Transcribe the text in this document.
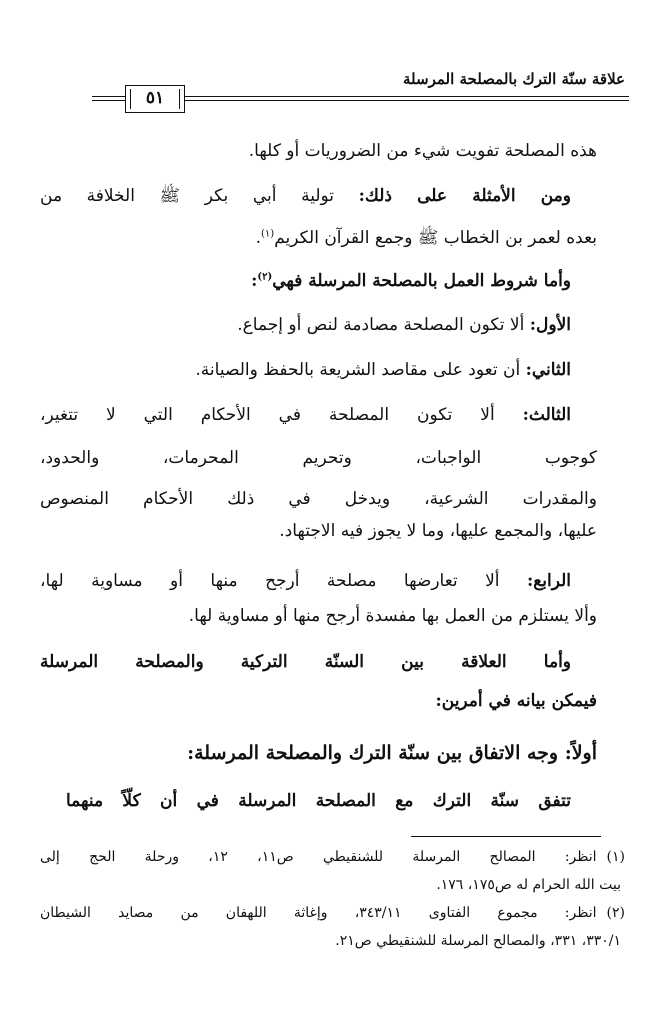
علاقة سنّة الترك بالمصلحة المرسلة
٥١
هذه المصلحة تفويت شيء من الضروريات أو كلها.
ومن الأمثلة على ذلك: تولية أبي بكر ﷺ الخلافة من
بعده لعمر بن الخطاب ﷺ وجمع القرآن الكريم$^{(١)}$.
وأما شروط العمل بالمصلحة المرسلة فهي$^{(٢)}$:
الأول: ألا تكون المصلحة مصادمة لنص أو إجماع.
الثاني: أن تعود على مقاصد الشريعة بالحفظ والصيانة.
الثالث: ألا تكون المصلحة في الأحكام التي لا تتغير،
كوجوب الواجبات، وتحريم المحرمات، والحدود،
والمقدرات الشرعية، ويدخل في ذلك الأحكام المنصوص
عليها، والمجمع عليها، وما لا يجوز فيه الاجتهاد.
الرابع: ألا تعارضها مصلحة أرجح منها أو مساوية لها،
وألا يستلزم من العمل بها مفسدة أرجح منها أو مساوية لها.
وأما العلاقة بين السنّة التركية والمصلحة المرسلة
فيمكن بيانه في أمرين:
أولاً: وجه الاتفاق بين سنّة الترك والمصلحة المرسلة:
تتفق سنّة الترك مع المصلحة المرسلة في أن كلّاً منهما
(١)انظر: المصالح المرسلة للشنقيطي ص١١، ١٢، ورحلة الحج إلى
بيت الله الحرام له ص١٧٥، ١٧٦.
(٢)انظر: مجموع الفتاوى ٣٤٣/١١، وإغاثة اللهفان من مصايد الشيطان
٣٣٠/١، ٣٣١، والمصالح المرسلة للشنقيطي ص٢١.
